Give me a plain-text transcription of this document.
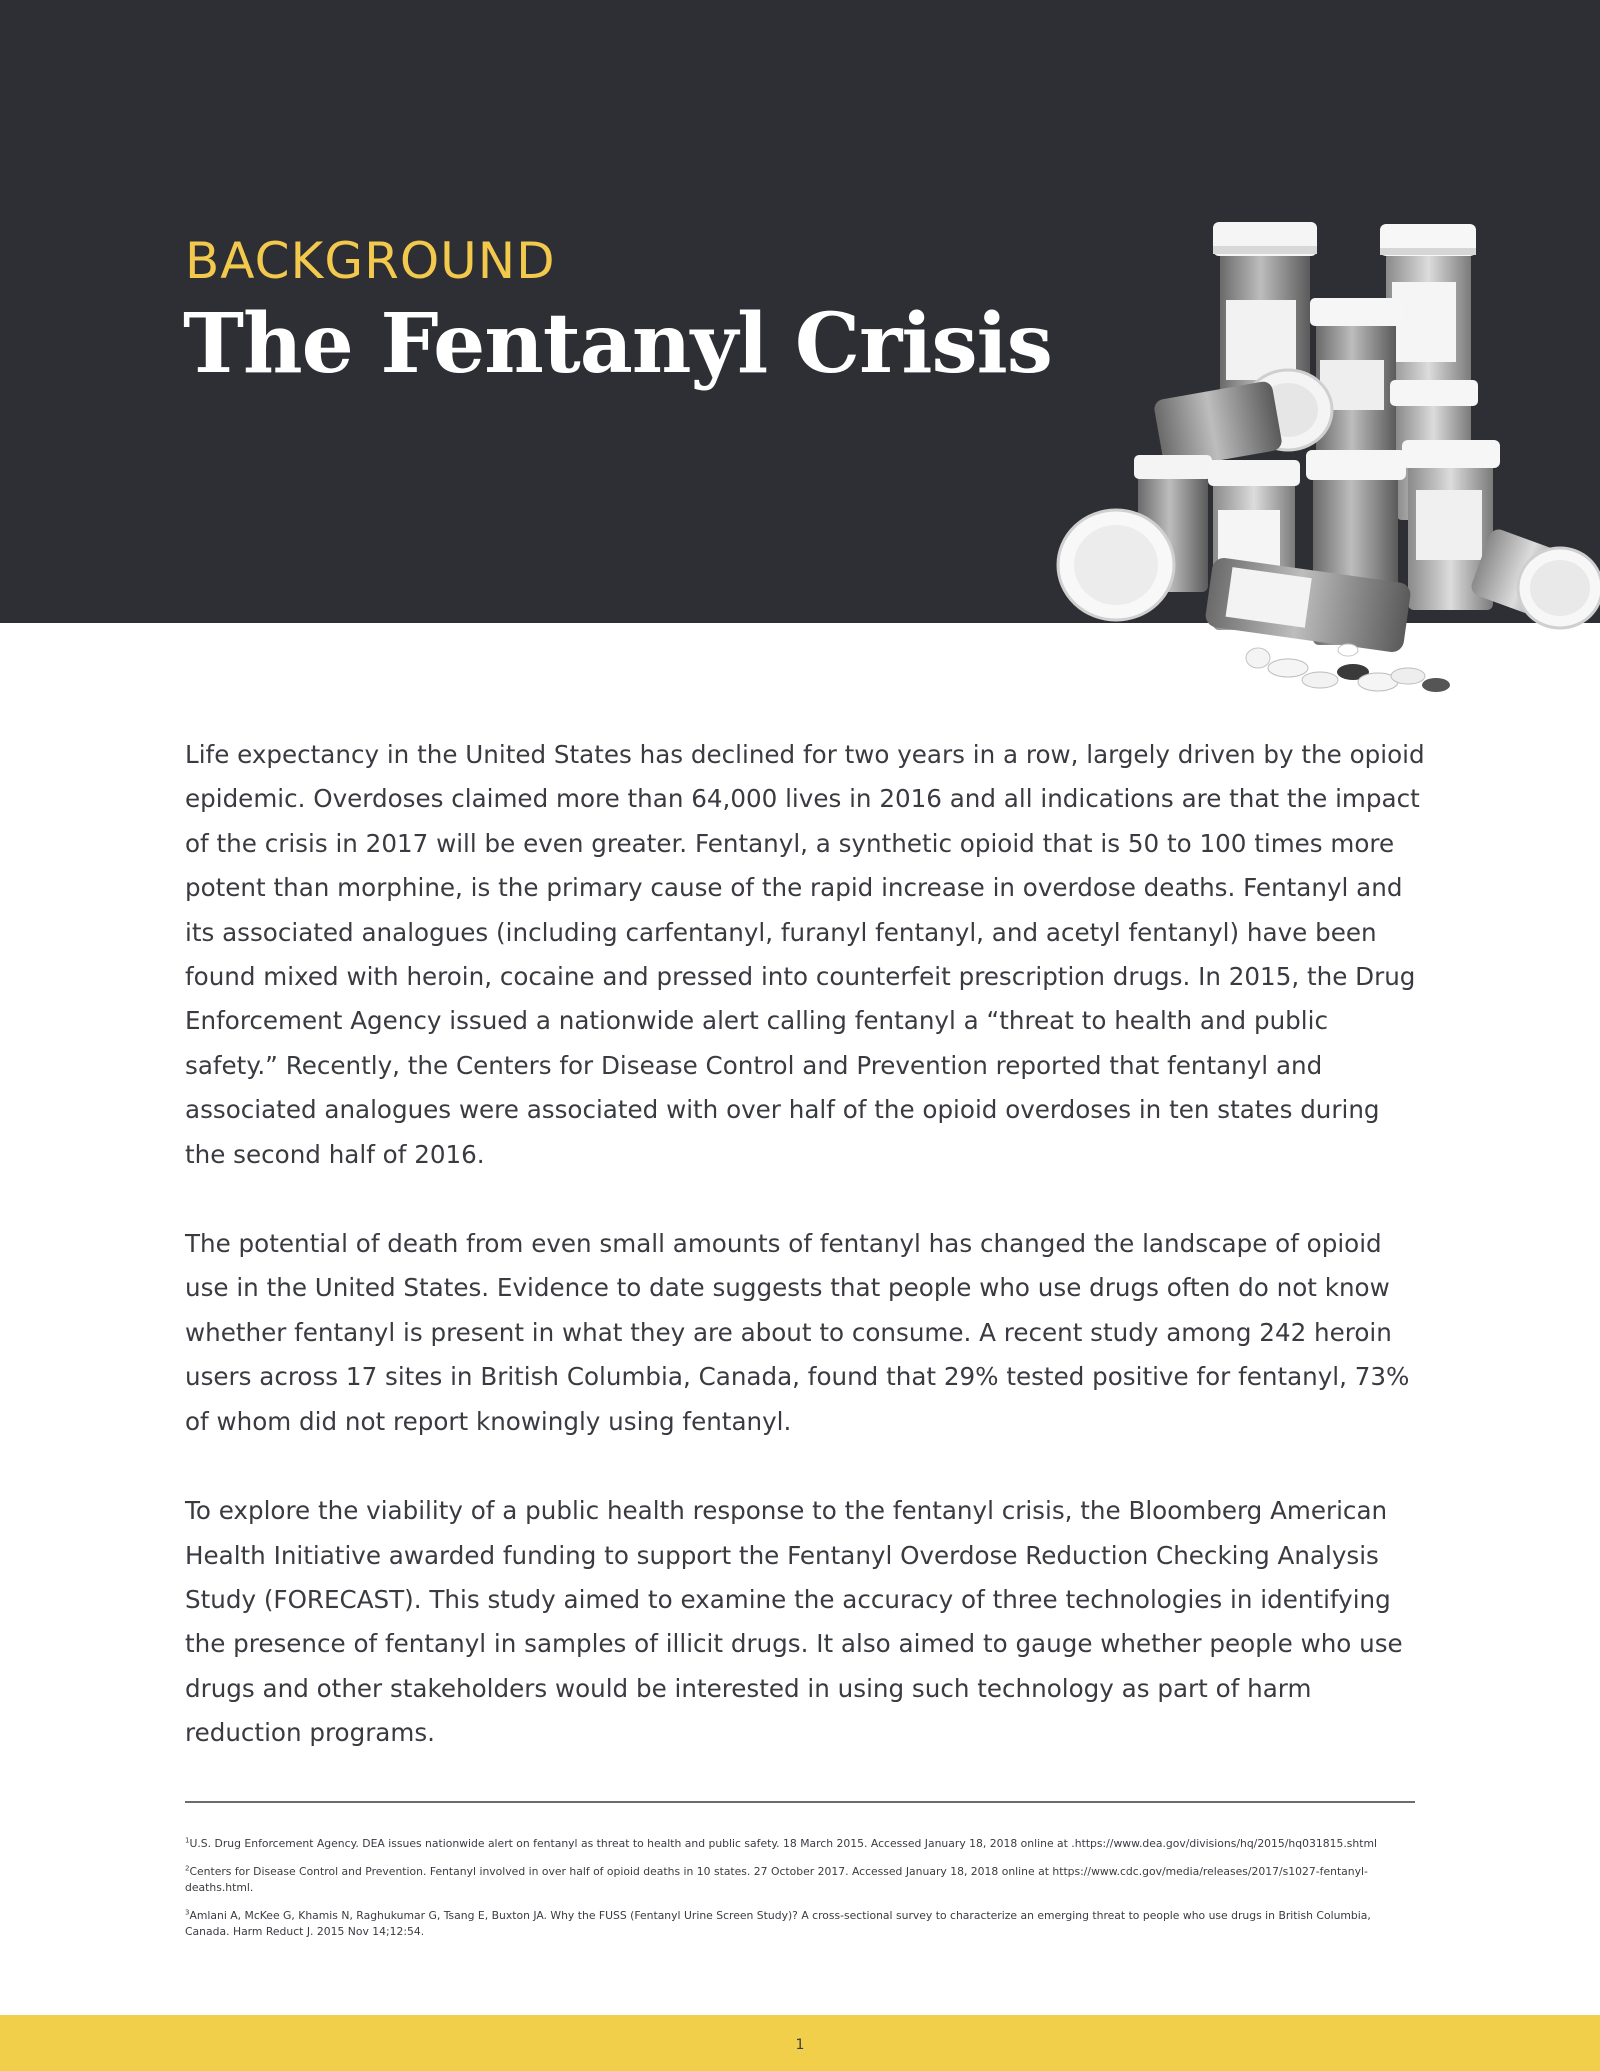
BACKGROUND
The Fentanyl Crisis

Life expectancy in the United States has declined for two years in a row, largely driven by the opioid epidemic. Overdoses claimed more than 64,000 lives in 2016 and all indications are that the impact of the crisis in 2017 will be even greater. Fentanyl, a synthetic opioid that is 50 to 100 times more potent than morphine, is the primary cause of the rapid increase in overdose deaths. Fentanyl and its associated analogues (including carfentanyl, furanyl fentanyl, and acetyl fentanyl) have been found mixed with heroin, cocaine and pressed into counterfeit prescription drugs. In 2015, the Drug Enforcement Agency issued a nationwide alert calling fentanyl a “threat to health and public safety.” Recently, the Centers for Disease Control and Prevention reported that fentanyl and associated analogues were associated with over half of the opioid overdoses in ten states during the second half of 2016.

The potential of death from even small amounts of fentanyl has changed the landscape of opioid use in the United States. Evidence to date suggests that people who use drugs often do not know whether fentanyl is present in what they are about to consume. A recent study among 242 heroin users across 17 sites in British Columbia, Canada, found that 29% tested positive for fentanyl, 73% of whom did not report knowingly using fentanyl.

To explore the viability of a public health response to the fentanyl crisis, the Bloomberg American Health Initiative awarded funding to support the Fentanyl Overdose Reduction Checking Analysis Study (FORECAST). This study aimed to examine the accuracy of three technologies in identifying the presence of fentanyl in samples of illicit drugs. It also aimed to gauge whether people who use drugs and other stakeholders would be interested in using such technology as part of harm reduction programs.

$^1$U.S. Drug Enforcement Agency. DEA issues nationwide alert on fentanyl as threat to health and public safety. 18 March 2015. Accessed January 18, 2018 online at .https://www.dea.gov/divisions/hq/2015/hq031815.shtml

$^2$Centers for Disease Control and Prevention. Fentanyl involved in over half of opioid deaths in 10 states. 27 October 2017. Accessed January 18, 2018 online at https://www.cdc.gov/media/releases/2017/s1027-fentanyl-deaths.html.

$^3$Amlani A, McKee G, Khamis N, Raghukumar G, Tsang E, Buxton JA. Why the FUSS (Fentanyl Urine Screen Study)? A cross-sectional survey to characterize an emerging threat to people who use drugs in British Columbia, Canada. Harm Reduct J. 2015 Nov 14;12:54.

1
